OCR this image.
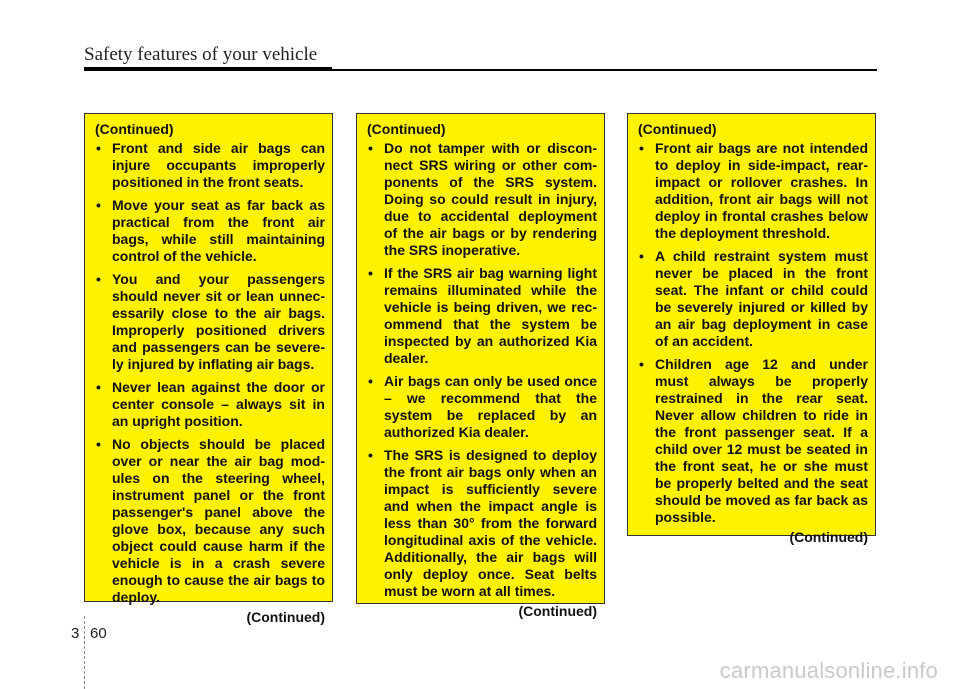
Safety features of your vehicle
(Continued)
• Front and side air bags can injure occupants improperly positioned in the front seats.
• Move your seat as far back as practical from the front air bags, while still maintaining control of the vehicle.
• You and your passengers should never sit or lean unnecessarily close to the air bags. Improperly positioned drivers and passengers can be severely injured by inflating air bags.
• Never lean against the door or center console – always sit in an upright position.
• No objects should be placed over or near the air bag modules on the steering wheel, instrument panel or the front passenger's panel above the glove box, because any such object could cause harm if the vehicle is in a crash severe enough to cause the air bags to deploy.
(Continued)
(Continued)
• Do not tamper with or disconnect SRS wiring or other components of the SRS system. Doing so could result in injury, due to accidental deployment of the air bags or by rendering the SRS inoperative.
• If the SRS air bag warning light remains illuminated while the vehicle is being driven, we recommend that the system be inspected by an authorized Kia dealer.
• Air bags can only be used once – we recommend that the system be replaced by an authorized Kia dealer.
• The SRS is designed to deploy the front air bags only when an impact is sufficiently severe and when the impact angle is less than 30° from the forward longitudinal axis of the vehicle. Additionally, the air bags will only deploy once. Seat belts must be worn at all times.
(Continued)
(Continued)
• Front air bags are not intended to deploy in side-impact, rear-impact or rollover crashes. In addition, front air bags will not deploy in frontal crashes below the deployment threshold.
• A child restraint system must never be placed in the front seat. The infant or child could be severely injured or killed by an air bag deployment in case of an accident.
• Children age 12 and under must always be properly restrained in the rear seat. Never allow children to ride in the front passenger seat. If a child over 12 must be seated in the front seat, he or she must be properly belted and the seat should be moved as far back as possible.
(Continued)
3 60
carmanualsonline.info
